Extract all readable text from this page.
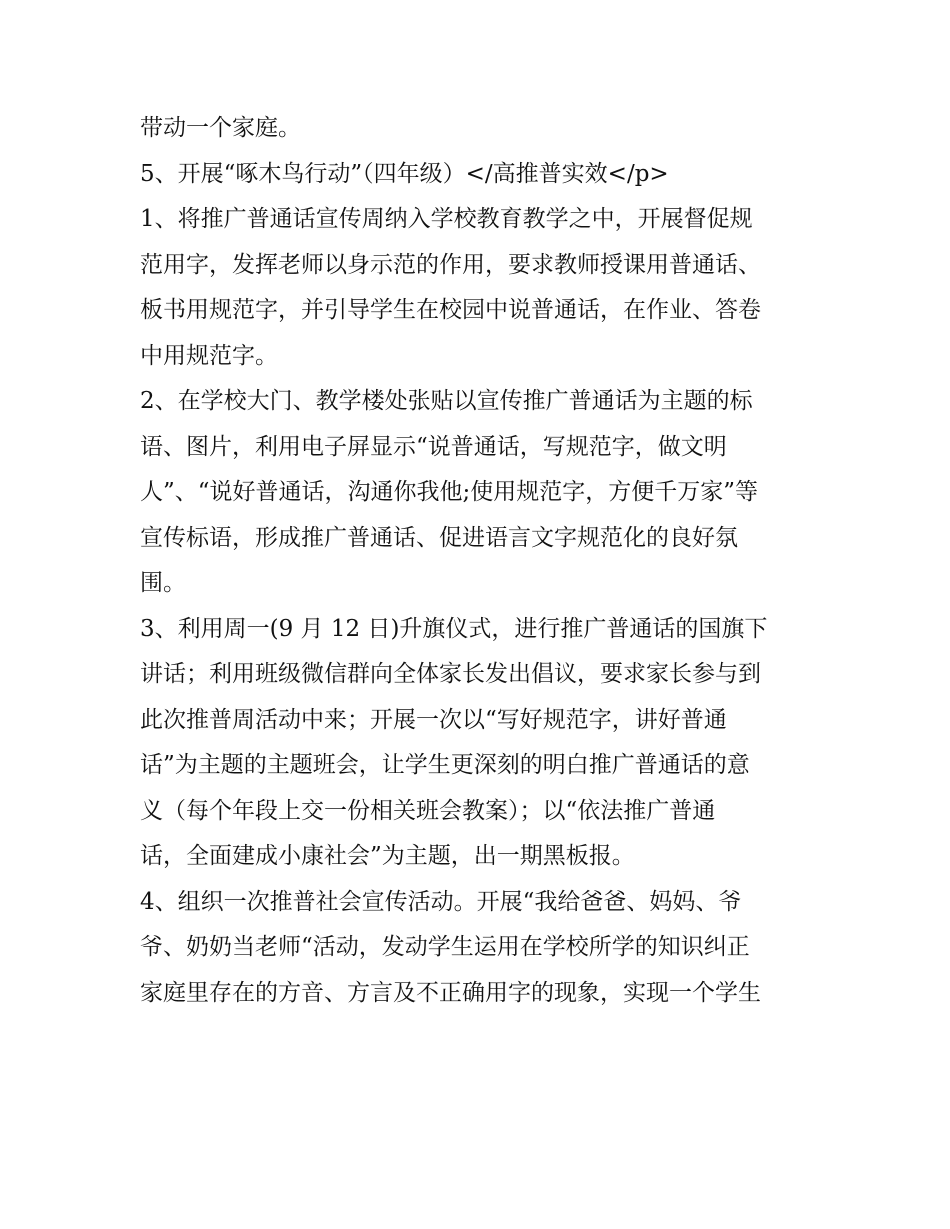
带动一个家庭。
5、开展“啄木鸟行动”（四年级）</高推普实效</p>
1、将推广普通话宣传周纳入学校教育教学之中，开展督促规
范用字，发挥老师以身示范的作用，要求教师授课用普通话、
板书用规范字，并引导学生在校园中说普通话，在作业、答卷
中用规范字。
2、在学校大门、教学楼处张贴以宣传推广普通话为主题的标
语、图片，利用电子屏显示“说普通话，写规范字，做文明
人”、“说好普通话，沟通你我他;使用规范字，方便千万家”等
宣传标语，形成推广普通话、促进语言文字规范化的良好氛
围。
3、利用周一(9 月 12 日)升旗仪式，进行推广普通话的国旗下
讲话；利用班级微信群向全体家长发出倡议，要求家长参与到
此次推普周活动中来；开展一次以“写好规范字，讲好普通
话”为主题的主题班会，让学生更深刻的明白推广普通话的意
义（每个年段上交一份相关班会教案）；以“依法推广普通
话，全面建成小康社会”为主题，出一期黑板报。
4、组织一次推普社会宣传活动。开展“我给爸爸、妈妈、爷
爷、奶奶当老师“活动，发动学生运用在学校所学的知识纠正
家庭里存在的方音、方言及不正确用字的现象，实现一个学生
